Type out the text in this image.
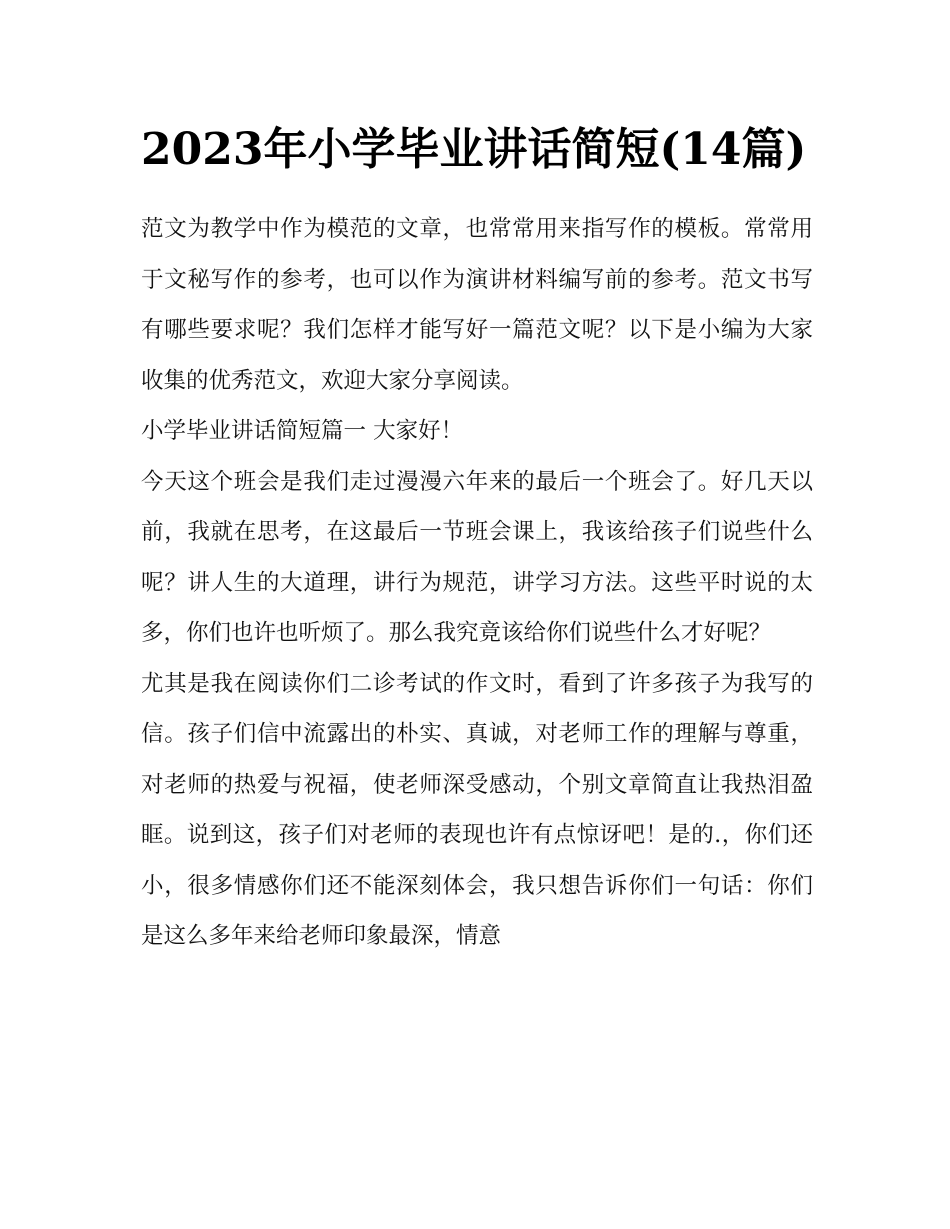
2023年小学毕业讲话简短(14篇)

范文为教学中作为模范的文章，也常常用来指写作的模板。常常用于文秘写作的参考，也可以作为演讲材料编写前的参考。范文书写有哪些要求呢？我们怎样才能写好一篇范文呢？以下是小编为大家收集的优秀范文，欢迎大家分享阅读。

小学毕业讲话简短篇一 大家好！

今天这个班会是我们走过漫漫六年来的最后一个班会了。好几天以前，我就在思考，在这最后一节班会课上，我该给孩子们说些什么呢？讲人生的大道理，讲行为规范，讲学习方法。这些平时说的太多，你们也许也听烦了。那么我究竟该给你们说些什么才好呢？

尤其是我在阅读你们二诊考试的作文时，看到了许多孩子为我写的信。孩子们信中流露出的朴实、真诚，对老师工作的理解与尊重，对老师的热爱与祝福，使老师深受感动，个别文章简直让我热泪盈眶。说到这，孩子们对老师的表现也许有点惊讶吧！是的.，你们还小，很多情感你们还不能深刻体会，我只想告诉你们一句话：你们是这么多年来给老师印象最深，情意
